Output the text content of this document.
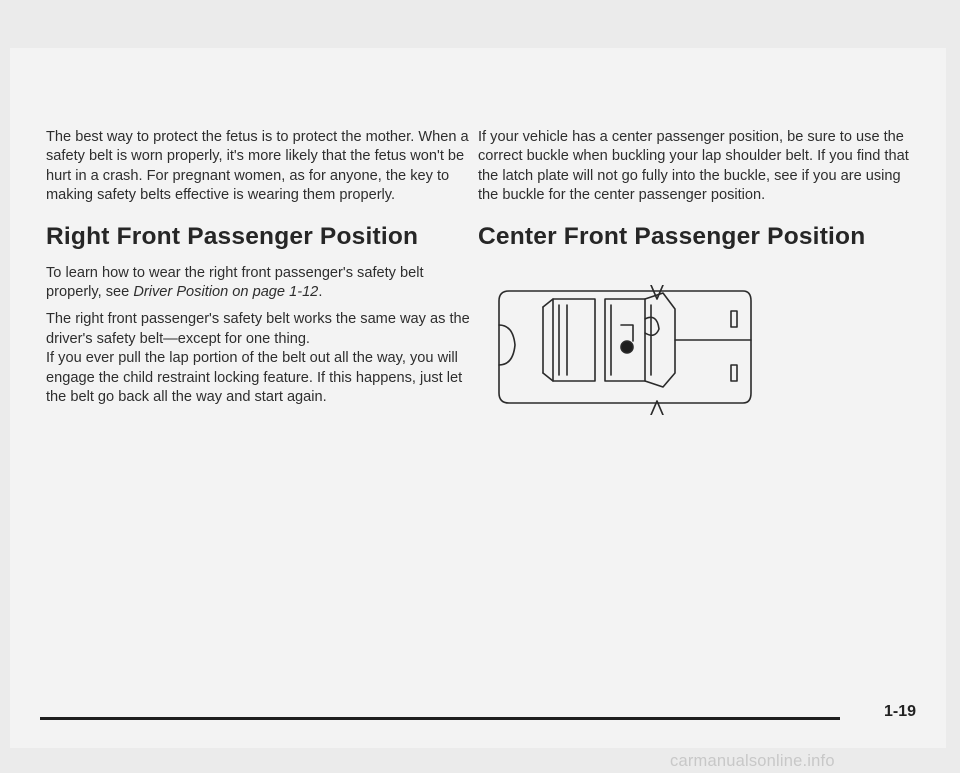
The best way to protect the fetus is to protect the mother. When a safety belt is worn properly, it's more likely that the fetus won't be hurt in a crash. For pregnant women, as for anyone, the key to making safety belts effective is wearing them properly.

Right Front Passenger Position

To learn how to wear the right front passenger's safety belt properly, see Driver Position on page 1-12.

The right front passenger's safety belt works the same way as the driver's safety belt—except for one thing.

If you ever pull the lap portion of the belt out all the way, you will engage the child restraint locking feature. If this happens, just let the belt go back all the way and start again.

If your vehicle has a center passenger position, be sure to use the correct buckle when buckling your lap shoulder belt. If you find that the latch plate will not go fully into the buckle, see if you are using the buckle for the center passenger position.

Center Front Passenger Position
1-19
carmanualsonline.info
